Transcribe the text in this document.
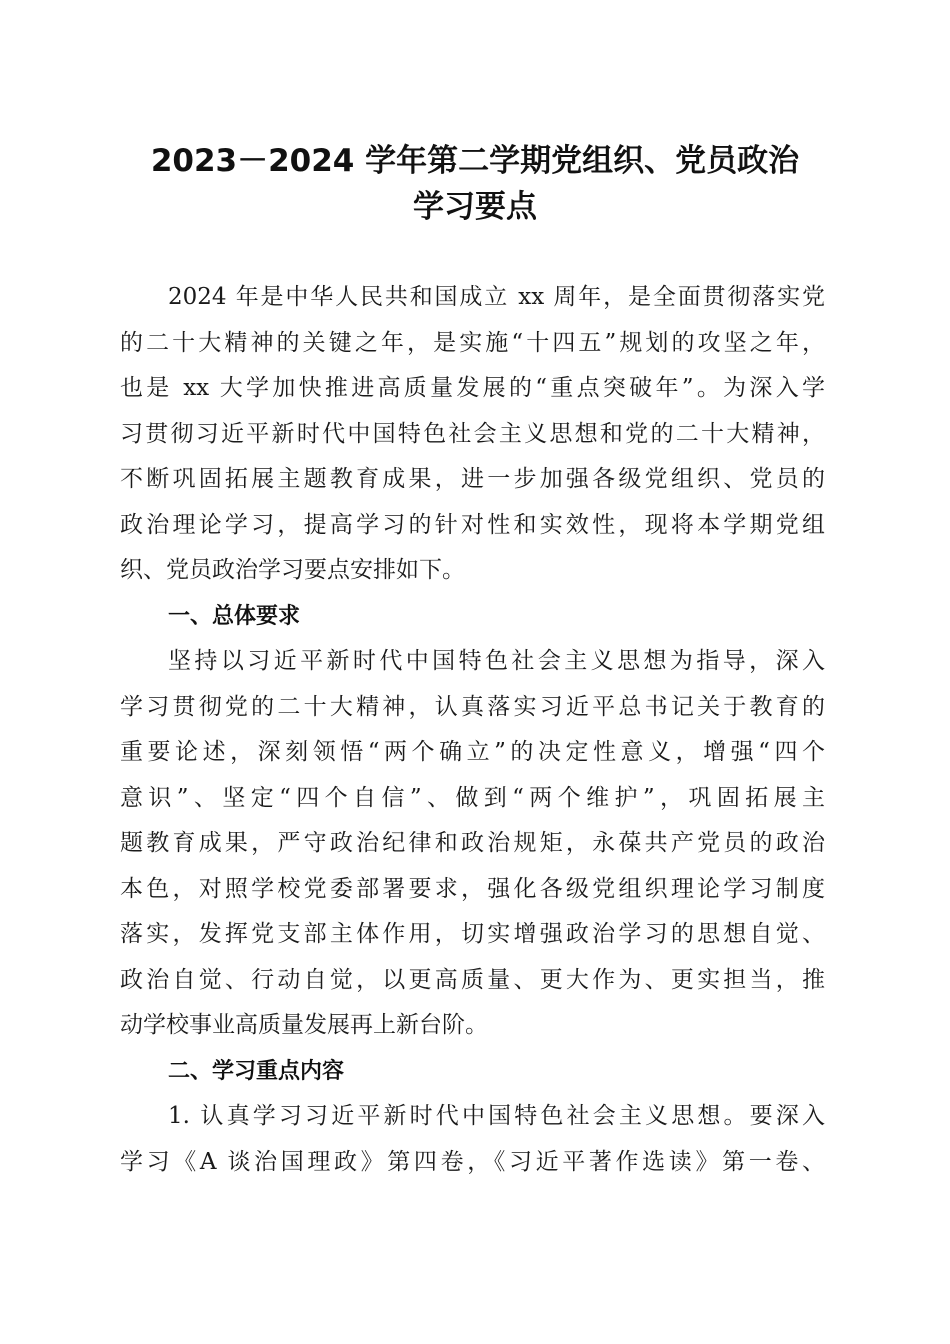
2023－2024 学年第二学期党组织、党员政治
学习要点
2024 年是中华人民共和国成立 xx 周年，是全面贯彻落实党
的二十大精神的关键之年，是实施“十四五”规划的攻坚之年，
也是 xx 大学加快推进高质量发展的“重点突破年”。为深入学
习贯彻习近平新时代中国特色社会主义思想和党的二十大精神，
不断巩固拓展主题教育成果，进一步加强各级党组织、党员的
政治理论学习，提高学习的针对性和实效性，现将本学期党组
织、党员政治学习要点安排如下。
一、总体要求
坚持以习近平新时代中国特色社会主义思想为指导，深入
学习贯彻党的二十大精神，认真落实习近平总书记关于教育的
重要论述，深刻领悟“两个确立”的决定性意义，增强“四个
意识”、坚定“四个自信”、做到“两个维护”，巩固拓展主
题教育成果，严守政治纪律和政治规矩，永葆共产党员的政治
本色，对照学校党委部署要求，强化各级党组织理论学习制度
落实，发挥党支部主体作用，切实增强政治学习的思想自觉、
政治自觉、行动自觉，以更高质量、更大作为、更实担当，推
动学校事业高质量发展再上新台阶。
二、学习重点内容
1. 认真学习习近平新时代中国特色社会主义思想。要深入
学习《A 谈治国理政》第四卷，《习近平著作选读》第一卷、
